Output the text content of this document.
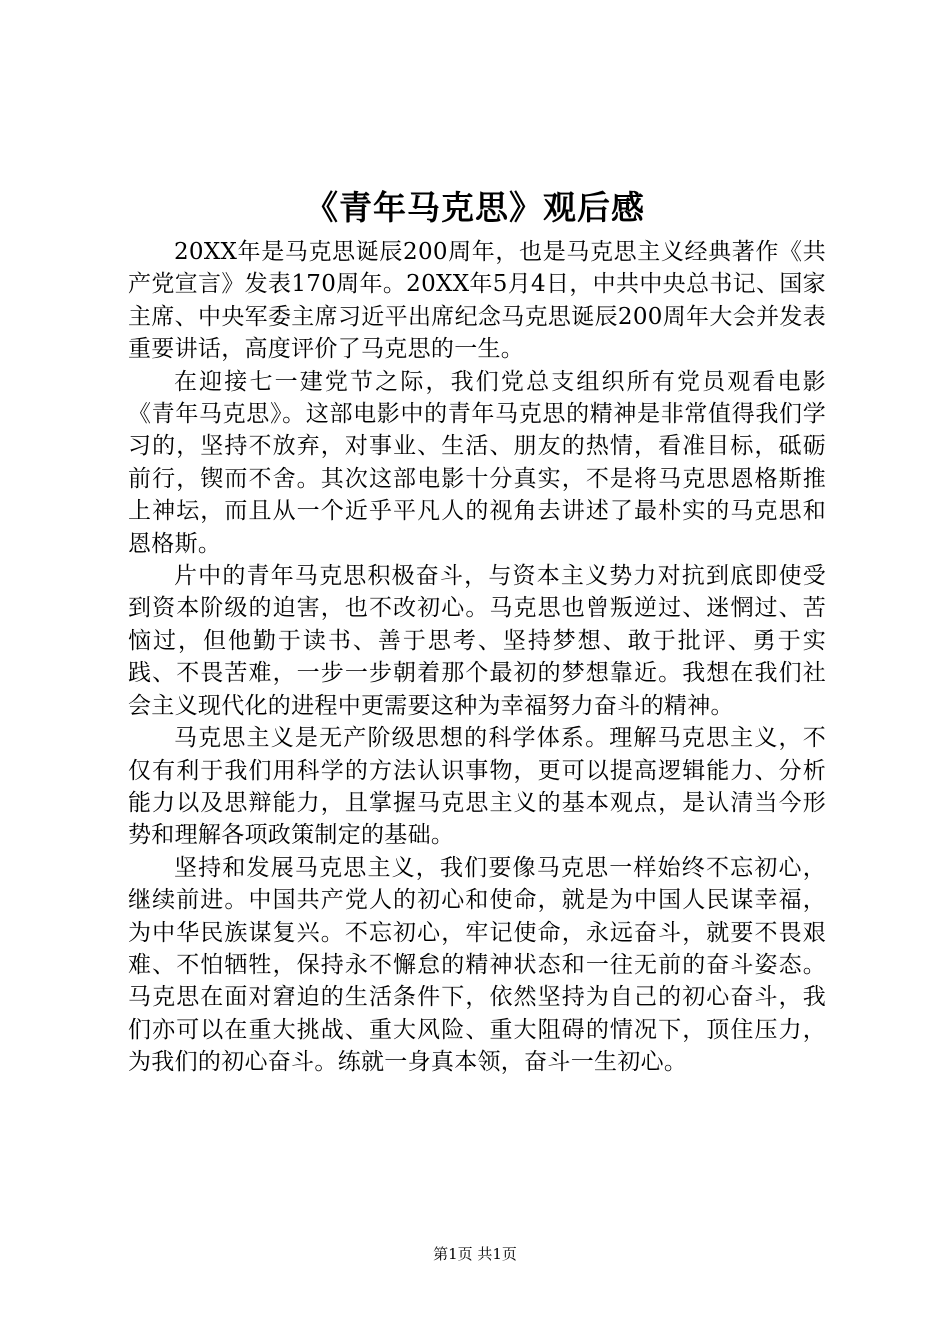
《青年马克思》观后感

20XX年是马克思诞辰200周年，也是马克思主义经典著作《共产党宣言》发表170周年。20XX年5月4日，中共中央总书记、国家主席、中央军委主席习近平出席纪念马克思诞辰200周年大会并发表重要讲话，高度评价了马克思的一生。

在迎接七一建党节之际，我们党总支组织所有党员观看电影《青年马克思》。这部电影中的青年马克思的精神是非常值得我们学习的，坚持不放弃，对事业、生活、朋友的热情，看准目标，砥砺前行，锲而不舍。其次这部电影十分真实，不是将马克思恩格斯推上神坛，而且从一个近乎平凡人的视角去讲述了最朴实的马克思和恩格斯。

片中的青年马克思积极奋斗，与资本主义势力对抗到底即使受到资本阶级的迫害，也不改初心。马克思也曾叛逆过、迷惘过、苦恼过，但他勤于读书、善于思考、坚持梦想、敢于批评、勇于实践、不畏苦难，一步一步朝着那个最初的梦想靠近。我想在我们社会主义现代化的进程中更需要这种为幸福努力奋斗的精神。

马克思主义是无产阶级思想的科学体系。理解马克思主义，不仅有利于我们用科学的方法认识事物，更可以提高逻辑能力、分析能力以及思辩能力，且掌握马克思主义的基本观点，是认清当今形势和理解各项政策制定的基础。

坚持和发展马克思主义，我们要像马克思一样始终不忘初心，继续前进。中国共产党人的初心和使命，就是为中国人民谋幸福，为中华民族谋复兴。不忘初心，牢记使命，永远奋斗，就要不畏艰难、不怕牺牲，保持永不懈怠的精神状态和一往无前的奋斗姿态。马克思在面对窘迫的生活条件下，依然坚持为自己的初心奋斗，我们亦可以在重大挑战、重大风险、重大阻碍的情况下，顶住压力，为我们的初心奋斗。练就一身真本领，奋斗一生初心。

第1页 共1页
